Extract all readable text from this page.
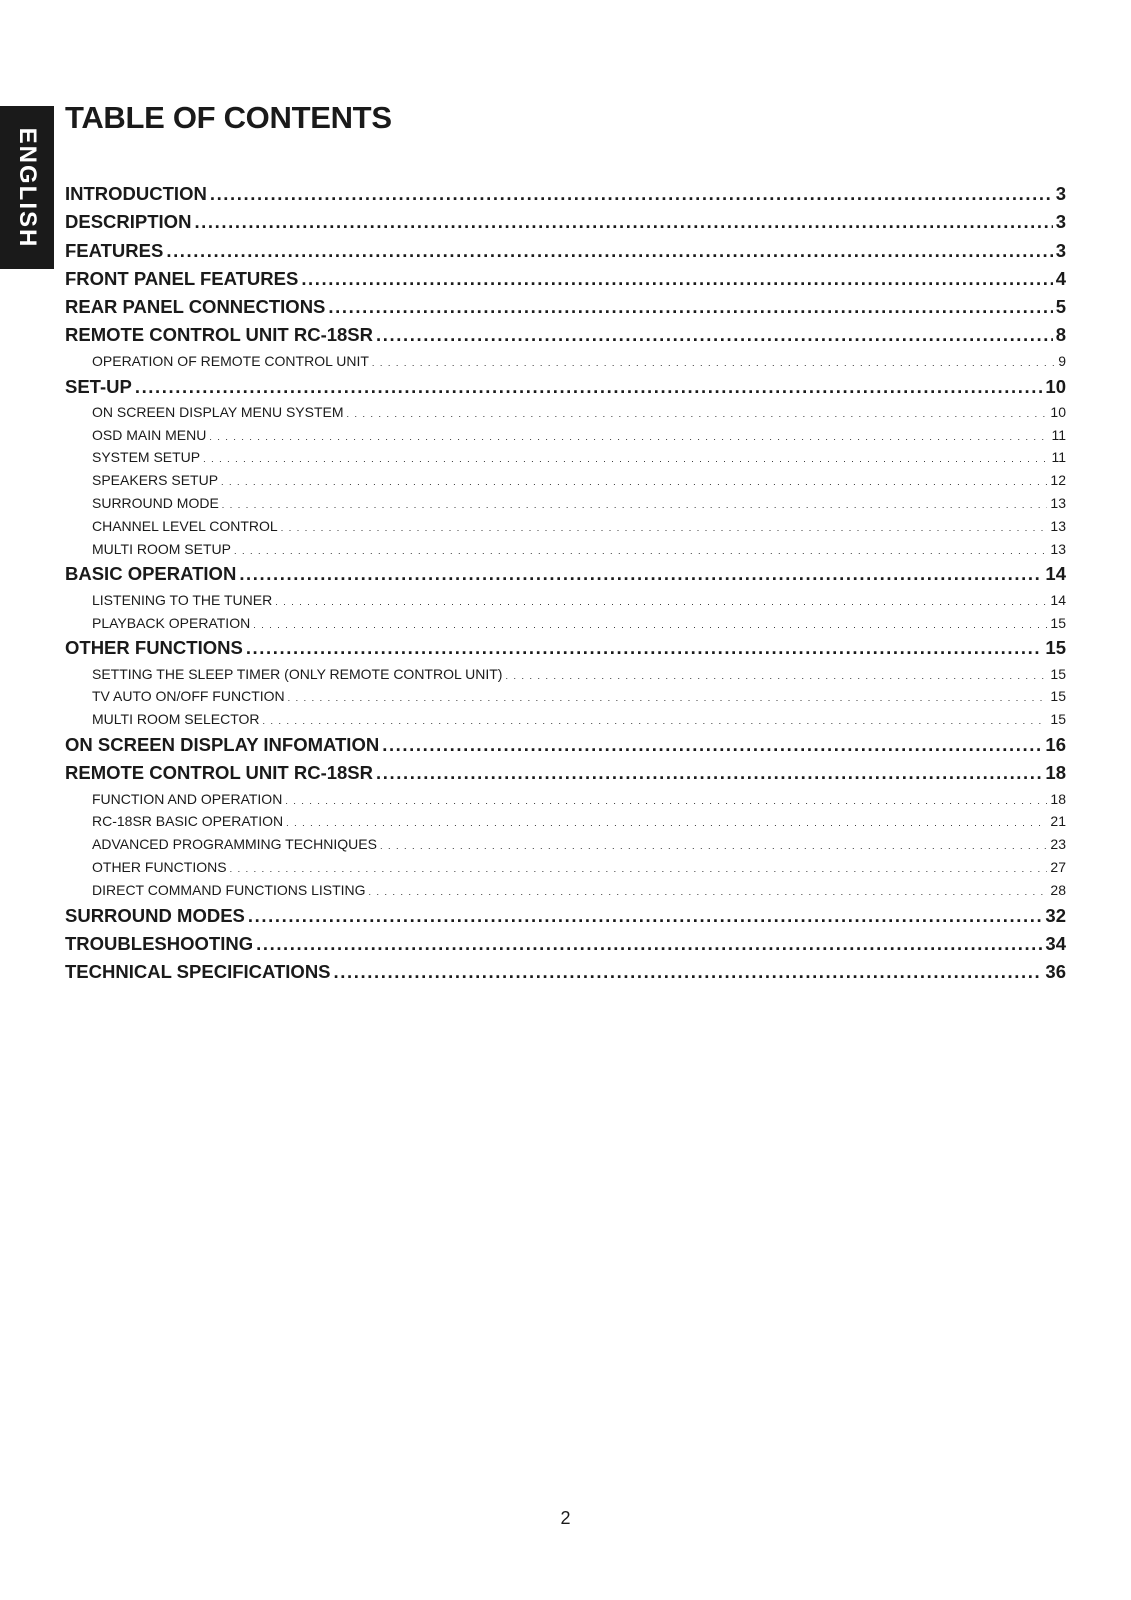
ENGLISH
TABLE OF CONTENTS
INTRODUCTION .....	3
DESCRIPTION .....	3
FEATURES .....	3
FRONT PANEL FEATURES .....	4
REAR PANEL CONNECTIONS .....	5
REMOTE CONTROL UNIT RC-18SR .....	8
OPERATION OF REMOTE CONTROL UNIT . . .	9
SET-UP .....	10
ON SCREEN DISPLAY MENU SYSTEM . . .	10
OSD MAIN MENU . . .	11
SYSTEM SETUP . . .	11
SPEAKERS SETUP . . .	12
SURROUND MODE . . .	13
CHANNEL LEVEL CONTROL . . .	13
MULTI ROOM SETUP . . .	13
BASIC OPERATION .....	14
LISTENING TO THE TUNER . . .	14
PLAYBACK OPERATION . . .	15
OTHER FUNCTIONS .....	15
SETTING THE SLEEP TIMER (ONLY REMOTE CONTROL UNIT) . . .	15
TV AUTO ON/OFF FUNCTION . . .	15
MULTI ROOM SELECTOR . . .	15
ON SCREEN DISPLAY INFOMATION .....	16
REMOTE CONTROL UNIT RC-18SR .....	18
FUNCTION AND OPERATION . . .	18
RC-18SR BASIC OPERATION . . .	21
ADVANCED PROGRAMMING TECHNIQUES . . .	23
OTHER FUNCTIONS . . .	27
DIRECT COMMAND FUNCTIONS LISTING . . .	28
SURROUND MODES .....	32
TROUBLESHOOTING .....	34
TECHNICAL SPECIFICATIONS .....	36
2
